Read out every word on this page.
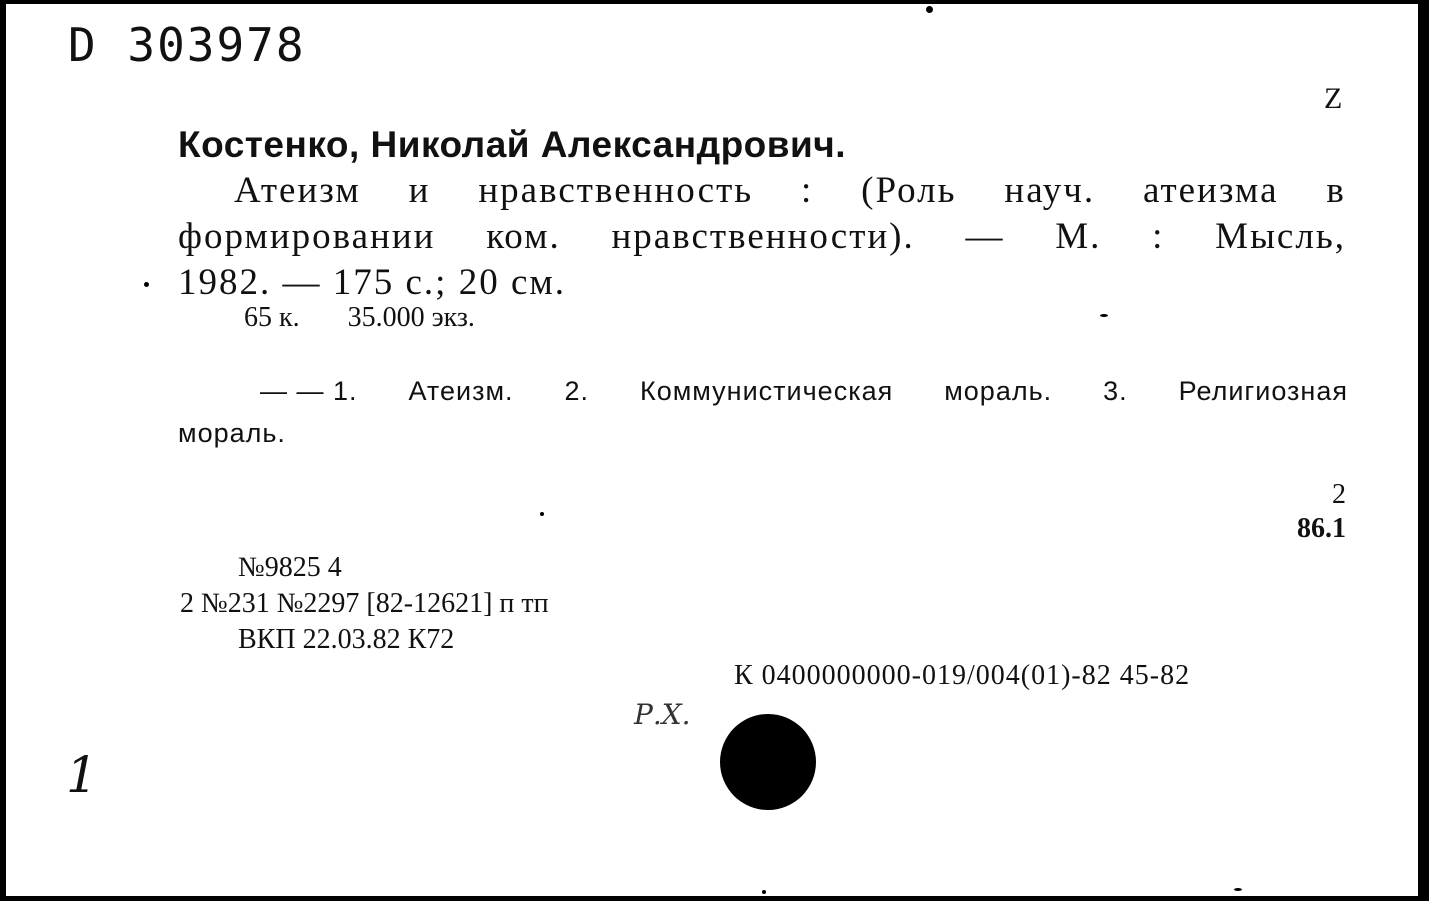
D 303978
Z
Костенко, Николай Александрович.
Атеизм и нравственность : (Роль науч. атеизма в
формировании ком. нравственности). — М. : Мысль,
1982. — 175 с.; 20 см.
65 к. 35.000 экз.
— — 1. Атеизм. 2. Коммунистическая мораль. 3. Религиозная
мораль.
2
86.1
№9825 4
2 №231 №2297 [82-12621] п тп
ВКП 22.03.82 К72
К 0400000000-019/004(01)-82 45-82
Р.Х.
1
